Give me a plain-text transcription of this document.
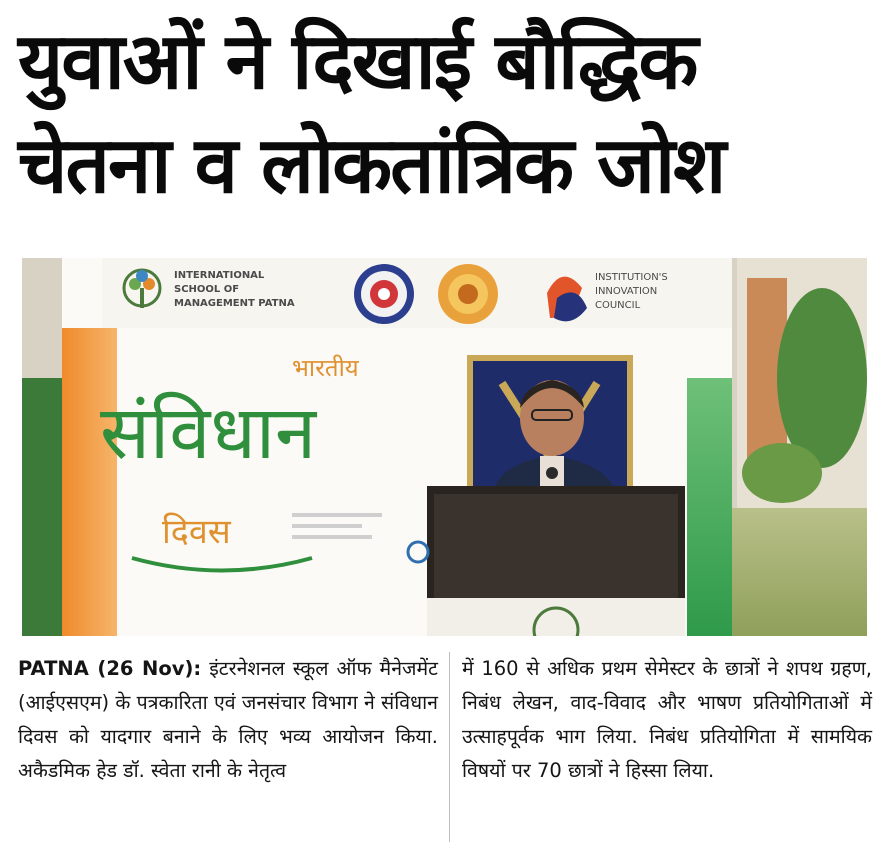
युवाओं ने दिखाई बौद्धिक
चेतना व लोकतांत्रिक जोश
INTERNATIONAL
SCHOOL OF
MANAGEMENT PATNA
INSTITUTION'S
INNOVATION
COUNCIL
भारतीय
संविधान
दिवस
PATNA (26 Nov): इंटरनेशनल स्कूल ऑफ मैनेजमेंट (आईएसएम) के पत्रकारिता एवं जनसंचार विभाग ने संविधान दिवस को यादगार बनाने के लिए भव्य आयोजन किया. अकैडमिक हेड डॉ. स्वेता रानी के नेतृत्व
में 160 से अधिक प्रथम सेमेस्टर के छात्रों ने शपथ ग्रहण, निबंध लेखन, वाद-विवाद और भाषण प्रतियोगिताओं में उत्साहपूर्वक भाग लिया. निबंध प्रतियोगिता में सामयिक विषयों पर 70 छात्रों ने हिस्सा लिया.
